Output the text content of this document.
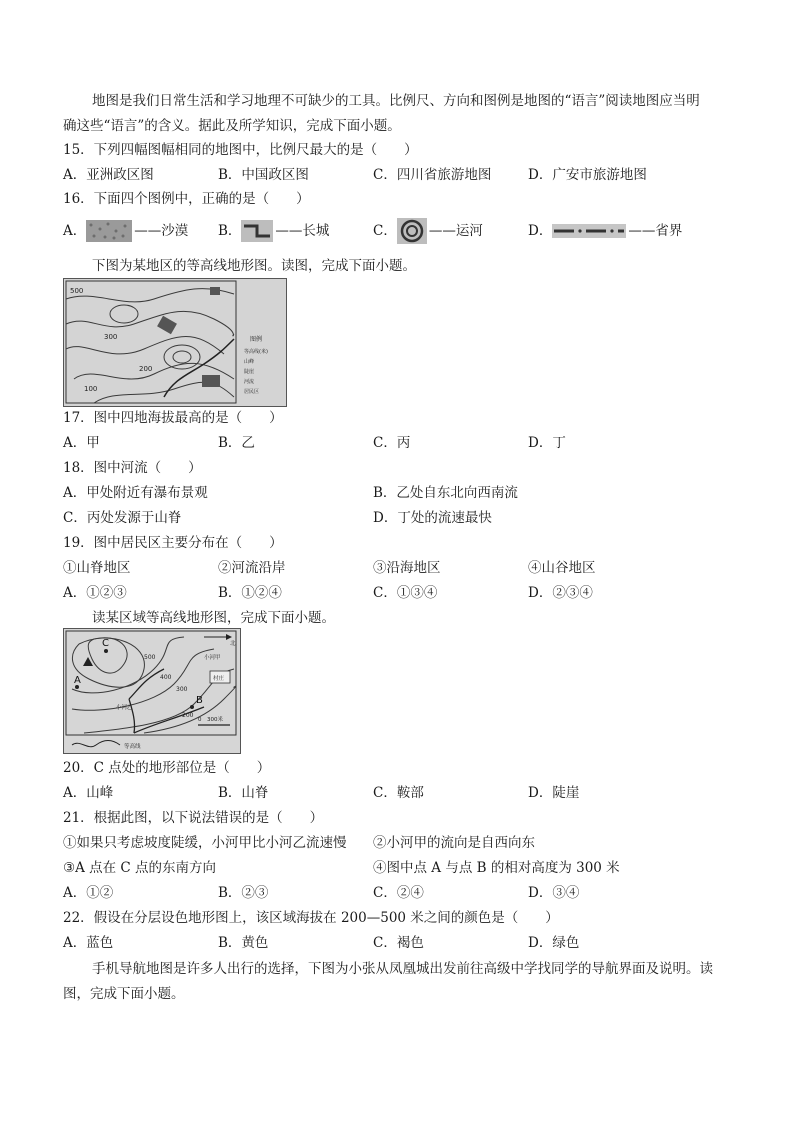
地图是我们日常生活和学习地理不可缺少的工具。比例尺、方向和图例是地图的“语言”阅读地图应当明
确这些“语言”的含义。据此及所学知识，完成下面小题。
15．下列四幅图幅相同的地图中，比例尺最大的是（　　）
A．亚洲政区图	B．中国政区图	C．四川省旅游地图	D．广安市旅游地图
16．下面四个图例中，正确的是（　　）
A．	——沙漠 B．	——长城	C． ——运河	D．	——省界
下图为某地区的等高线地形图。读图，完成下面小题。
500
300
200
100
图例
等高线(米)
山峰
陡崖
河流
居民区
17．图中四地海拔最高的是（　　）
A．甲	B．乙	C．丙	D．丁
18．图中河流（　　）
A．甲处附近有瀑布景观	B．乙处自东北向西南流
C．丙处发源于山脊	D．丁处的流速最快
19．图中居民区主要分布在（　　）
①山脊地区	②河流沿岸	③沿海地区	④山谷地区
A．①②③	B．①②④	C．①③④	D．②③④
读某区域等高线地形图，完成下面小题。
C
A
B
500
400
300
200
小河甲
小河乙
村庄
北
0　300米
等高线
20．C 点处的地形部位是（　　）
A．山峰	B．山脊	C．鞍部	D．陡崖
21．根据此图，以下说法错误的是（　　）
①如果只考虑坡度陡缓，小河甲比小河乙流速慢 ②小河甲的流向是自西向东
③A 点在 C 点的东南方向	④图中点 A 与点 B 的相对高度为 300 米
A．①②	B．②③	C．②④	D．③④
22．假设在分层设色地形图上，该区域海拔在 200—500 米之间的颜色是（　　）
A．蓝色	B．黄色	C．褐色	D．绿色
手机导航地图是许多人出行的选择，下图为小张从凤凰城出发前往高级中学找同学的导航界面及说明。读
图，完成下面小题。
